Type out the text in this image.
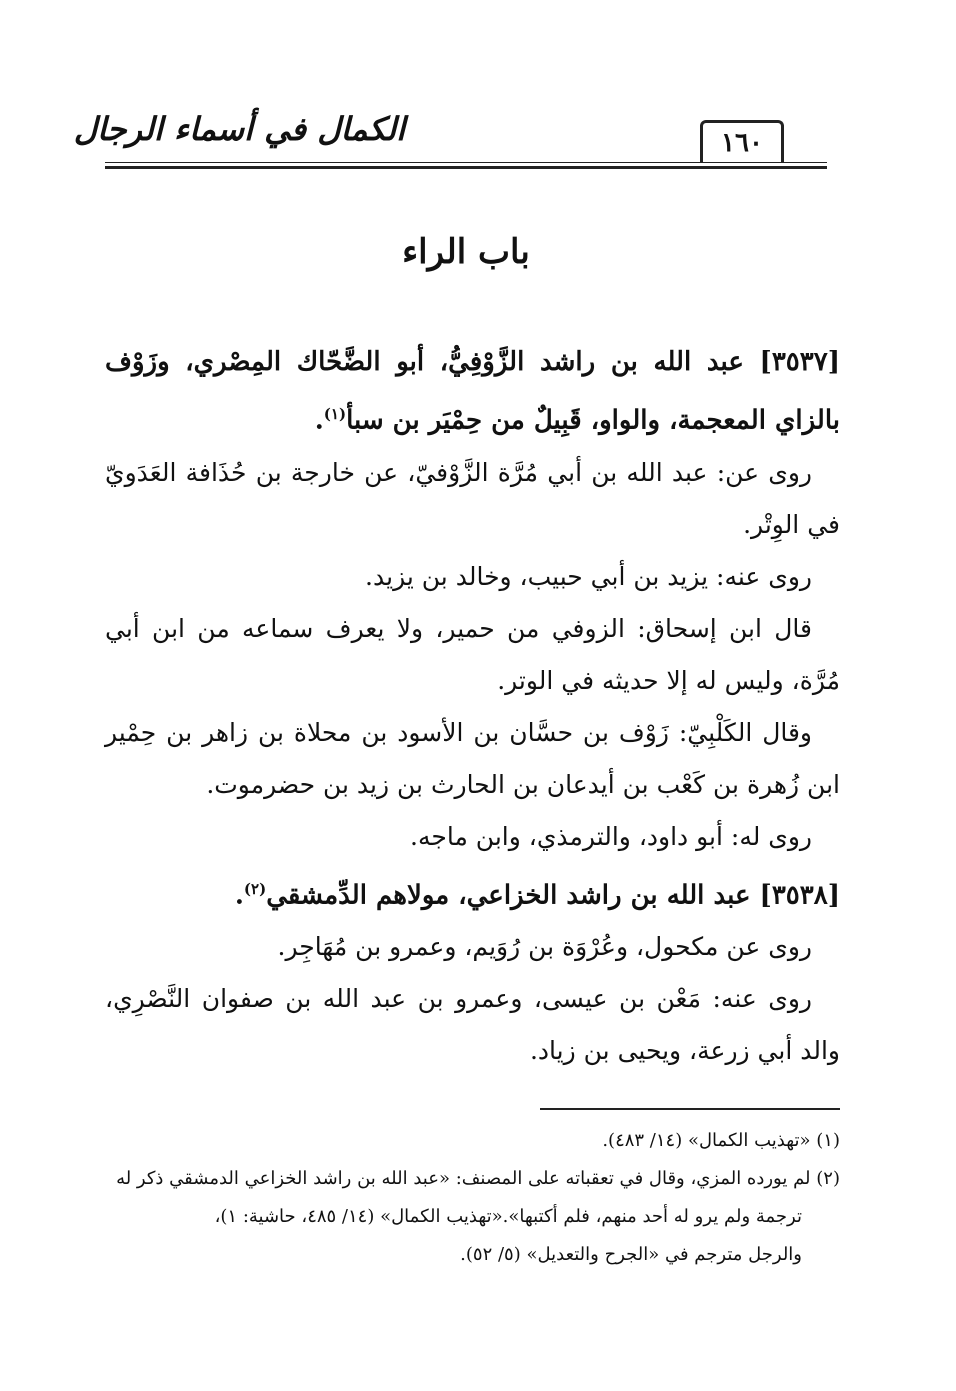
الكمال في أسماء الرجال	١٦٠
باب الراء

[٣٥٣٧] عبد الله بن راشد الزَّوْفِيُّ، أبو الضَّحّاك المِصْري، وزَوْف بالزاي المعجمة، والواو، قَبِيلٌ من حِمْيَر بن سبأ$^{(١)}$.

روى عن: عبد الله بن أبي مُرَّة الزَّوْفيّ، عن خارجة بن حُذَافة العَدَويّ في الوِتْر.

روى عنه: يزيد بن أبي حبيب، وخالد بن يزيد.

قال ابن إسحاق: الزوفي من حمير، ولا يعرف سماعه من ابن أبي مُرَّة، وليس له إلا حديثه في الوتر.

وقال الكَلْبِيّ: زَوْف بن حسَّان بن الأسود بن محلاة بن زاهر بن حِمْير ابن زُهرة بن كَعْب بن أيدعان بن الحارث بن زيد بن حضرموت.

روى له: أبو داود، والترمذي، وابن ماجه.

[٣٥٣٨] عبد الله بن راشد الخزاعي، مولاهم الدِّمشقي$^{(٢)}$.

روى عن مكحول، وعُرْوَة بن رُوَيم، وعمرو بن مُهَاجِر.

روى عنه: مَعْن بن عيسى، وعمرو بن عبد الله بن صفوان النَّصْرِي، والد أبي زرعة، ويحيى بن زياد.

(١) «تهذيب الكمال» (١٤/ ٤٨٣).

(٢) لم يورده المزي، وقال في تعقباته على المصنف: «عبد الله بن راشد الخزاعي الدمشقي ذكر له

ترجمة ولم يرو له أحد منهم، فلم أكتبها».«تهذيب الكمال» (١٤/ ٤٨٥، حاشية: ١)،

والرجل مترجم في «الجرح والتعديل» (٥/ ٥٢).
